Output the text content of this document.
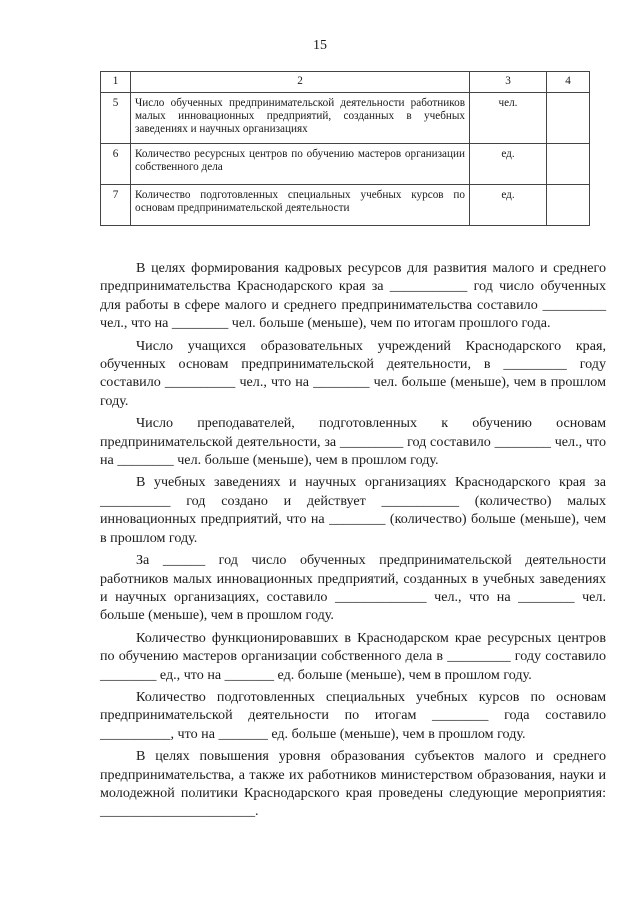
15
1	2	3	4
5	Число обученных предпринимательской деятельности работников малых инновационных предприятий, созданных в учебных заведениях и научных организациях	чел.	
6	Количество ресурсных центров по обучению мастеров организации собственного дела	ед.	
7	Количество подготовленных специальных учебных курсов по основам предпринимательской деятельности	ед.	

В целях формирования кадровых ресурсов для развития малого и среднего предпринимательства Краснодарского края за ___________ год число обученных для работы в сфере малого и среднего предпринимательства составило _________ чел., что на ________ чел. больше (меньше), чем по итогам прошлого года.

Число учащихся образовательных учреждений Краснодарского края, обученных основам предпринимательской деятельности, в _________ году составило __________ чел., что на ________ чел. больше (меньше), чем в прошлом году.

Число преподавателей, подготовленных к обучению основам предпринимательской деятельности, за _________ год составило ________ чел., что на ________ чел. больше (меньше), чем в прошлом году.

В учебных заведениях и научных организациях Краснодарского края за __________ год создано и действует ___________ (количество) малых инновационных предприятий, что на ________ (количество) больше (меньше), чем в прошлом году.

За ______ год число обученных предпринимательской деятельности работников малых инновационных предприятий, созданных в учебных заведениях и научных организациях, составило _____________ чел., что на ________ чел. больше (меньше), чем в прошлом году.

Количество функционировавших в Краснодарском крае ресурсных центров по обучению мастеров организации собственного дела в _________ году составило ________ ед., что на _______ ед. больше (меньше), чем в прошлом году.

Количество подготовленных специальных учебных курсов по основам предпринимательской деятельности по итогам ________ года составило __________, что на _______ ед. больше (меньше), чем в прошлом году.

В целях повышения уровня образования субъектов малого и среднего предпринимательства, а также их работников министерством образования, науки и молодежной политики Краснодарского края проведены следующие мероприятия: ______________________.
